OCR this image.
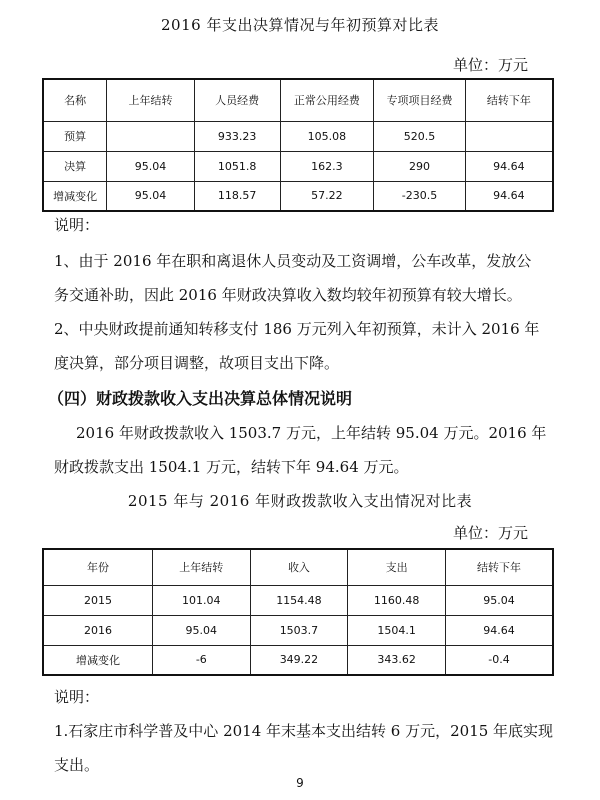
2016 年支出决算情况与年初预算对比表
单位：万元
名称	上年结转	人员经费	正常公用经费	专项项目经费	结转下年
预算		933.23	105.08	520.5	
决算	95.04	1051.8	162.3	290	94.64
增减变化	95.04	118.57	57.22	-230.5	94.64
说明：
1、由于 2016 年在职和离退休人员变动及工资调增，公车改革，发放公
务交通补助，因此 2016 年财政决算收入数均较年初预算有较大增长。
2、中央财政提前通知转移支付 186 万元列入年初预算，未计入 2016 年
度决算，部分项目调整，故项目支出下降。
（四）财政拨款收入支出决算总体情况说明
2016 年财政拨款收入 1503.7 万元，上年结转 95.04 万元。2016 年
财政拨款支出 1504.1 万元，结转下年 94.64 万元。
2015 年与 2016 年财政拨款收入支出情况对比表
单位：万元
年份	上年结转	收入	支出	结转下年
2015	101.04	1154.48	1160.48	95.04
2016	95.04	1503.7	1504.1	94.64
增减变化	-6	349.22	343.62	-0.4
说明：
1.石家庄市科学普及中心 2014 年末基本支出结转 6 万元，2015 年底实现支出。
9
